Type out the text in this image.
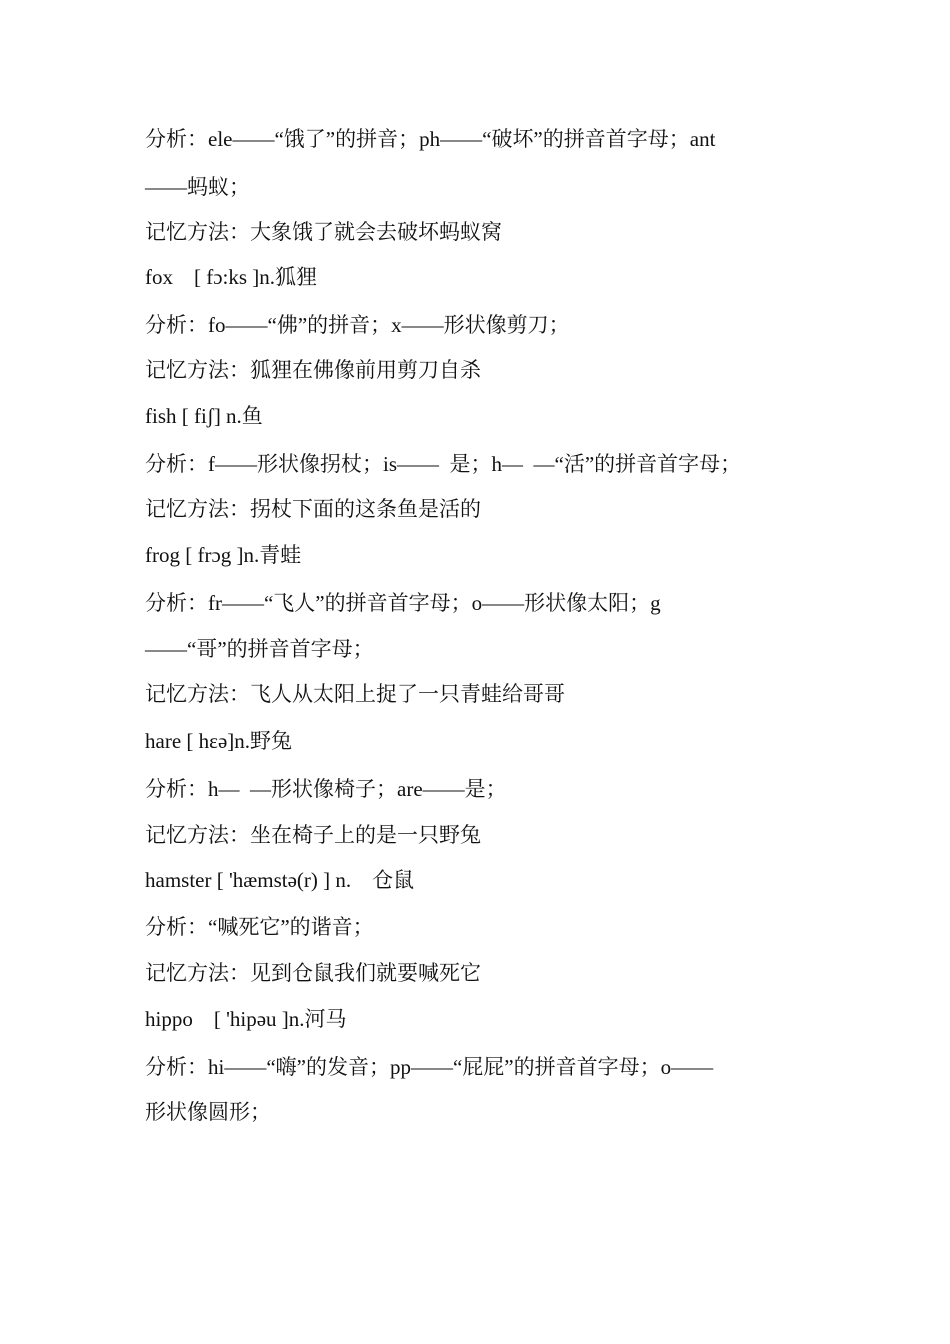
分析：ele——“饿了”的拼音；ph——“破坏”的拼音首字母；ant
——蚂蚁；
记忆方法：大象饿了就会去破坏蚂蚁窝
fox    [ fɔ:ks ]n.狐狸
分析：fo——“佛”的拼音；x——形状像剪刀；
记忆方法：狐狸在佛像前用剪刀自杀
fish [ fiʃ] n.鱼
分析：f——形状像拐杖；is——  是；h—  —“活”的拼音首字母；
记忆方法：拐杖下面的这条鱼是活的
frog [ frɔg ]n.青蛙
分析：fr——“飞人”的拼音首字母；o——形状像太阳；g
——“哥”的拼音首字母；
记忆方法：飞人从太阳上捉了一只青蛙给哥哥
hare [ hɛə]n.野兔
分析：h—  —形状像椅子；are——是；
记忆方法：坐在椅子上的是一只野兔
hamster [ 'hæmstə(r) ] n.    仓鼠
分析：“喊死它”的谐音；
记忆方法：见到仓鼠我们就要喊死它
hippo    [ 'hipəu ]n.河马
分析：hi——“嗨”的发音；pp——“屁屁”的拼音首字母；o——
形状像圆形；
